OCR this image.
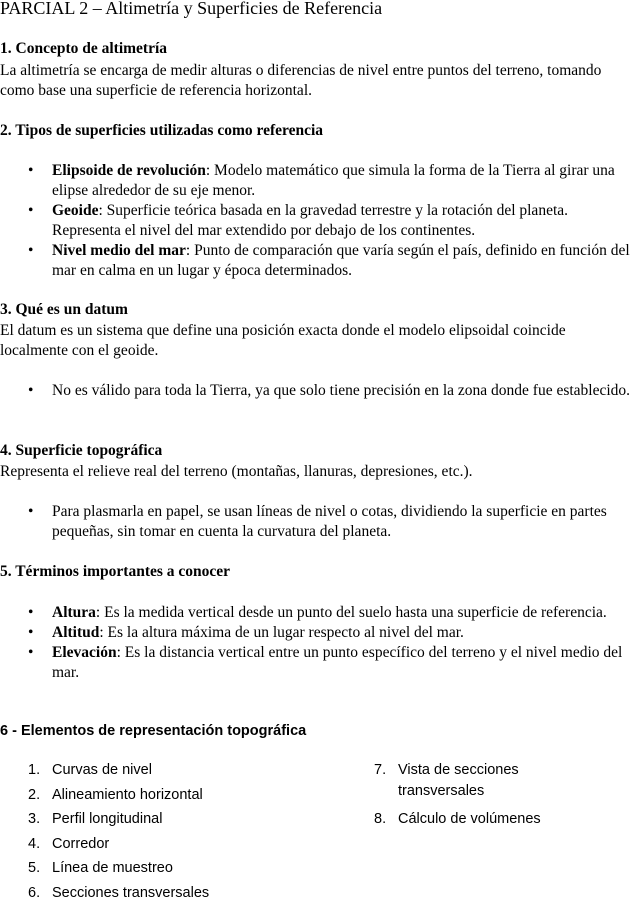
PARCIAL 2 – Altimetría y Superficies de Referencia
1. Concepto de altimetría
La altimetría se encarga de medir alturas o diferencias de nivel entre puntos del terreno, tomando como base una superficie de referencia horizontal.
2. Tipos de superficies utilizadas como referencia
• Elipsoide de revolución: Modelo matemático que simula la forma de la Tierra al girar una elipse alrededor de su eje menor.
• Geoide: Superficie teórica basada en la gravedad terrestre y la rotación del planeta. Representa el nivel del mar extendido por debajo de los continentes.
• Nivel medio del mar: Punto de comparación que varía según el país, definido en función del mar en calma en un lugar y época determinados.
3. Qué es un datum
El datum es un sistema que define una posición exacta donde el modelo elipsoidal coincide localmente con el geoide.
• No es válido para toda la Tierra, ya que solo tiene precisión en la zona donde fue establecido.
4. Superficie topográfica
Representa el relieve real del terreno (montañas, llanuras, depresiones, etc.).
• Para plasmarla en papel, se usan líneas de nivel o cotas, dividiendo la superficie en partes pequeñas, sin tomar en cuenta la curvatura del planeta.
5. Términos importantes a conocer
• Altura: Es la medida vertical desde un punto del suelo hasta una superficie de referencia.
• Altitud: Es la altura máxima de un lugar respecto al nivel del mar.
• Elevación: Es la distancia vertical entre un punto específico del terreno y el nivel medio del mar.
6 - Elementos de representación topográfica
1. Curvas de nivel
2. Alineamiento horizontal
3. Perfil longitudinal
4. Corredor
5. Línea de muestreo
6. Secciones transversales
7. Vista de secciones transversales
8. Cálculo de volúmenes
